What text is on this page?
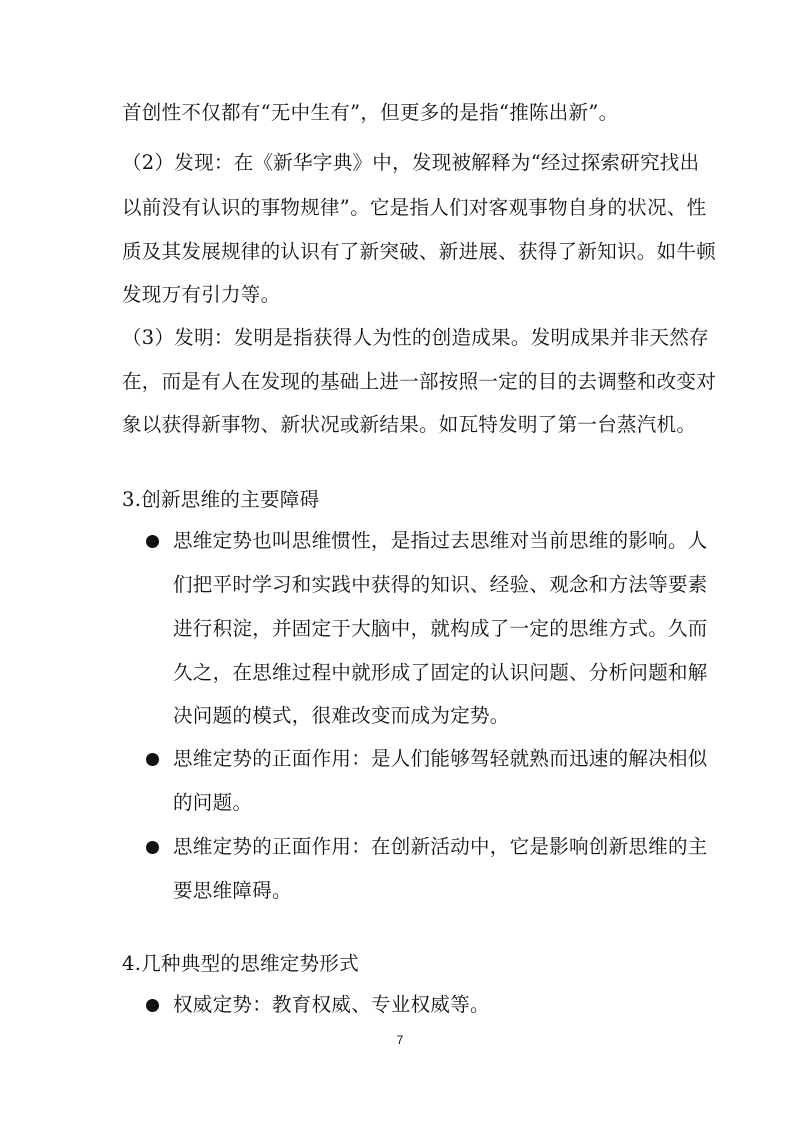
首创性不仅都有“无中生有”，但更多的是指“推陈出新”。
（2）发现：在《新华字典》中，发现被解释为“经过探索研究找出
以前没有认识的事物规律”。它是指人们对客观事物自身的状况、性
质及其发展规律的认识有了新突破、新进展、获得了新知识。如牛顿
发现万有引力等。
（3）发明：发明是指获得人为性的创造成果。发明成果并非天然存
在，而是有人在发现的基础上进一部按照一定的目的去调整和改变对
象以获得新事物、新状况或新结果。如瓦特发明了第一台蒸汽机。
3.创新思维的主要障碍
思维定势也叫思维惯性，是指过去思维对当前思维的影响。人
们把平时学习和实践中获得的知识、经验、观念和方法等要素
进行积淀，并固定于大脑中，就构成了一定的思维方式。久而
久之，在思维过程中就形成了固定的认识问题、分析问题和解
决问题的模式，很难改变而成为定势。
思维定势的正面作用：是人们能够驾轻就熟而迅速的解决相似
的问题。
思维定势的正面作用：在创新活动中，它是影响创新思维的主
要思维障碍。
4.几种典型的思维定势形式
权威定势：教育权威、专业权威等。
7
